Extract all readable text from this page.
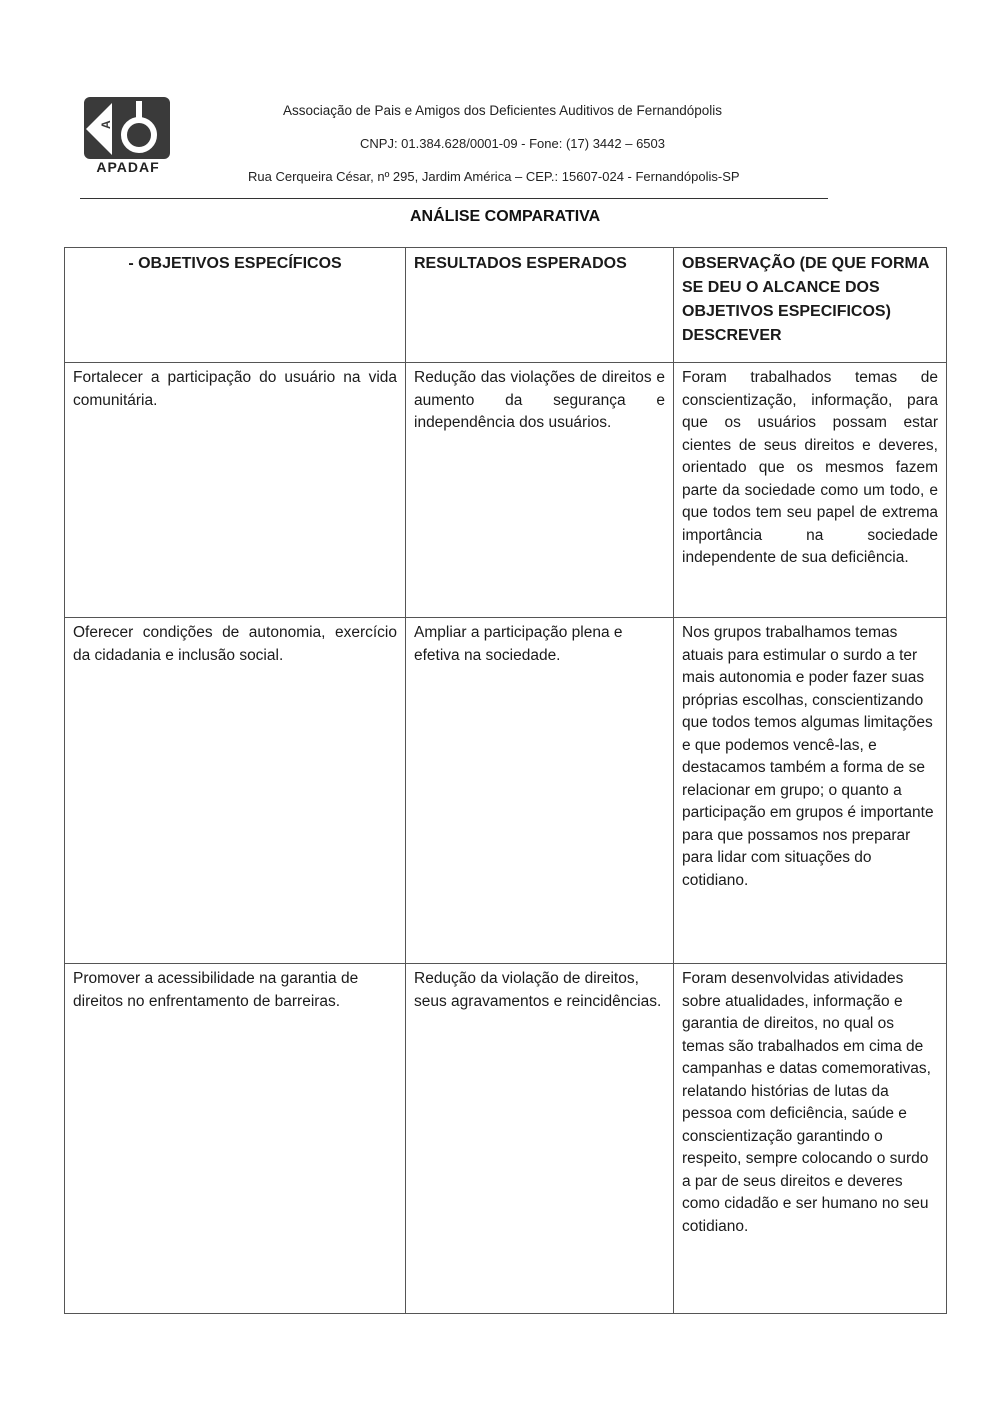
A
APADAF
Associação de Pais e Amigos dos Deficientes Auditivos de Fernandópolis
CNPJ: 01.384.628/0001-09 - Fone: (17) 3442 – 6503
Rua Cerqueira César, nº 295, Jardim América – CEP.: 15607-024 - Fernandópolis-SP
ANÁLISE COMPARATIVA
- OBJETIVOS ESPECÍFICOS	RESULTADOS ESPERADOS	OBSERVAÇÃO (DE QUE FORMA SE DEU O ALCANCE DOS OBJETIVOS ESPECIFICOS) DESCREVER
Fortalecer a participação do usuário na vida comunitária.	Redução das violações de direitos e aumento da segurança e independência dos usuários.	Foram trabalhados temas de conscientização, informação, para que os usuários possam estar cientes de seus direitos e deveres, orientado que os mesmos fazem parte da sociedade como um todo, e que todos tem seu papel de extrema importância na sociedade independente de sua deficiência.
Oferecer condições de autonomia, exercício da cidadania e inclusão social.	Ampliar a participação plena e efetiva na sociedade.	Nos grupos trabalhamos temas atuais para estimular o surdo a ter mais autonomia e poder fazer suas próprias escolhas, conscientizando que todos temos algumas limitações e que podemos vencê-las, e destacamos também a forma de se relacionar em grupo; o quanto a participação em grupos é importante para que possamos nos preparar para lidar com situações do cotidiano.
Promover a acessibilidade na garantia de direitos no enfrentamento de barreiras.	Redução da violação de direitos, seus agravamentos e reincidências.	Foram desenvolvidas atividades sobre atualidades, informação e garantia de direitos, no qual os temas são trabalhados em cima de campanhas e datas comemorativas, relatando histórias de lutas da pessoa com deficiência, saúde e conscientização garantindo o respeito, sempre colocando o surdo a par de seus direitos e deveres como cidadão e ser humano no seu cotidiano.
